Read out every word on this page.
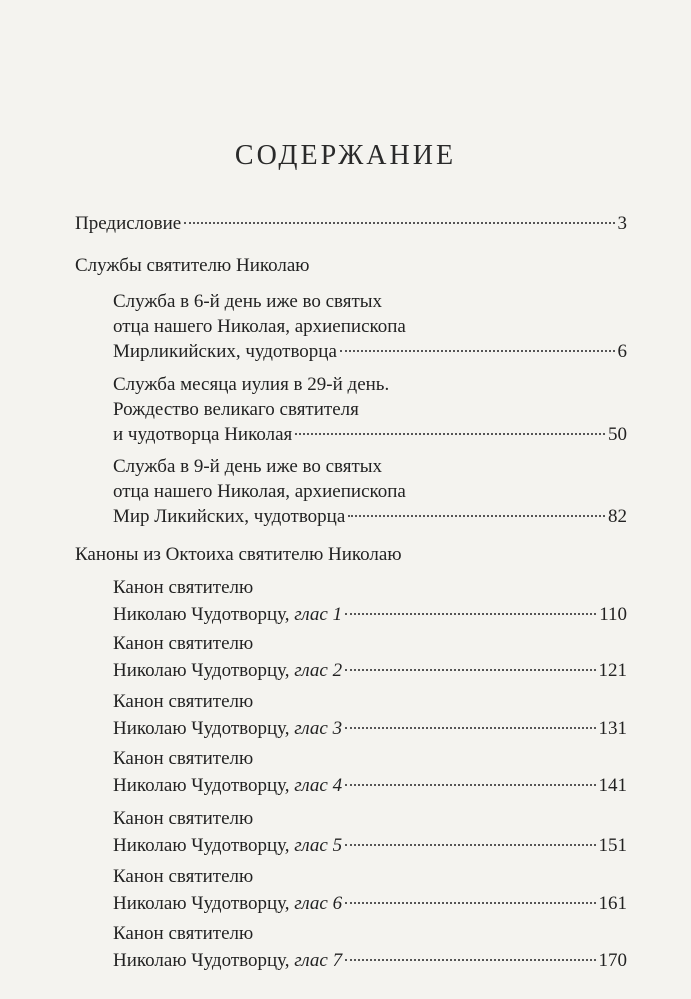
СОДЕРЖАНИЕ
Предисловие	3
Службы святителю Николаю
Служба в 6-й день иже во святых
отца нашего Николая, архиепископа
Мирликийских, чудотворца	6
Служба месяца иулия в 29-й день.
Рождество великаго святителя
и чудотворца Николая	50
Служба в 9-й день иже во святых
отца нашего Николая, архиепископа
Мир Ликийских, чудотворца	82
Каноны из Октоиха святителю Николаю
Канон святителю
Николаю Чудотворцу, глас 1	110
Канон святителю
Николаю Чудотворцу, глас 2	121
Канон святителю
Николаю Чудотворцу, глас 3	131
Канон святителю
Николаю Чудотворцу, глас 4	141
Канон святителю
Николаю Чудотворцу, глас 5	151
Канон святителю
Николаю Чудотворцу, глас 6	161
Канон святителю
Николаю Чудотворцу, глас 7	170
